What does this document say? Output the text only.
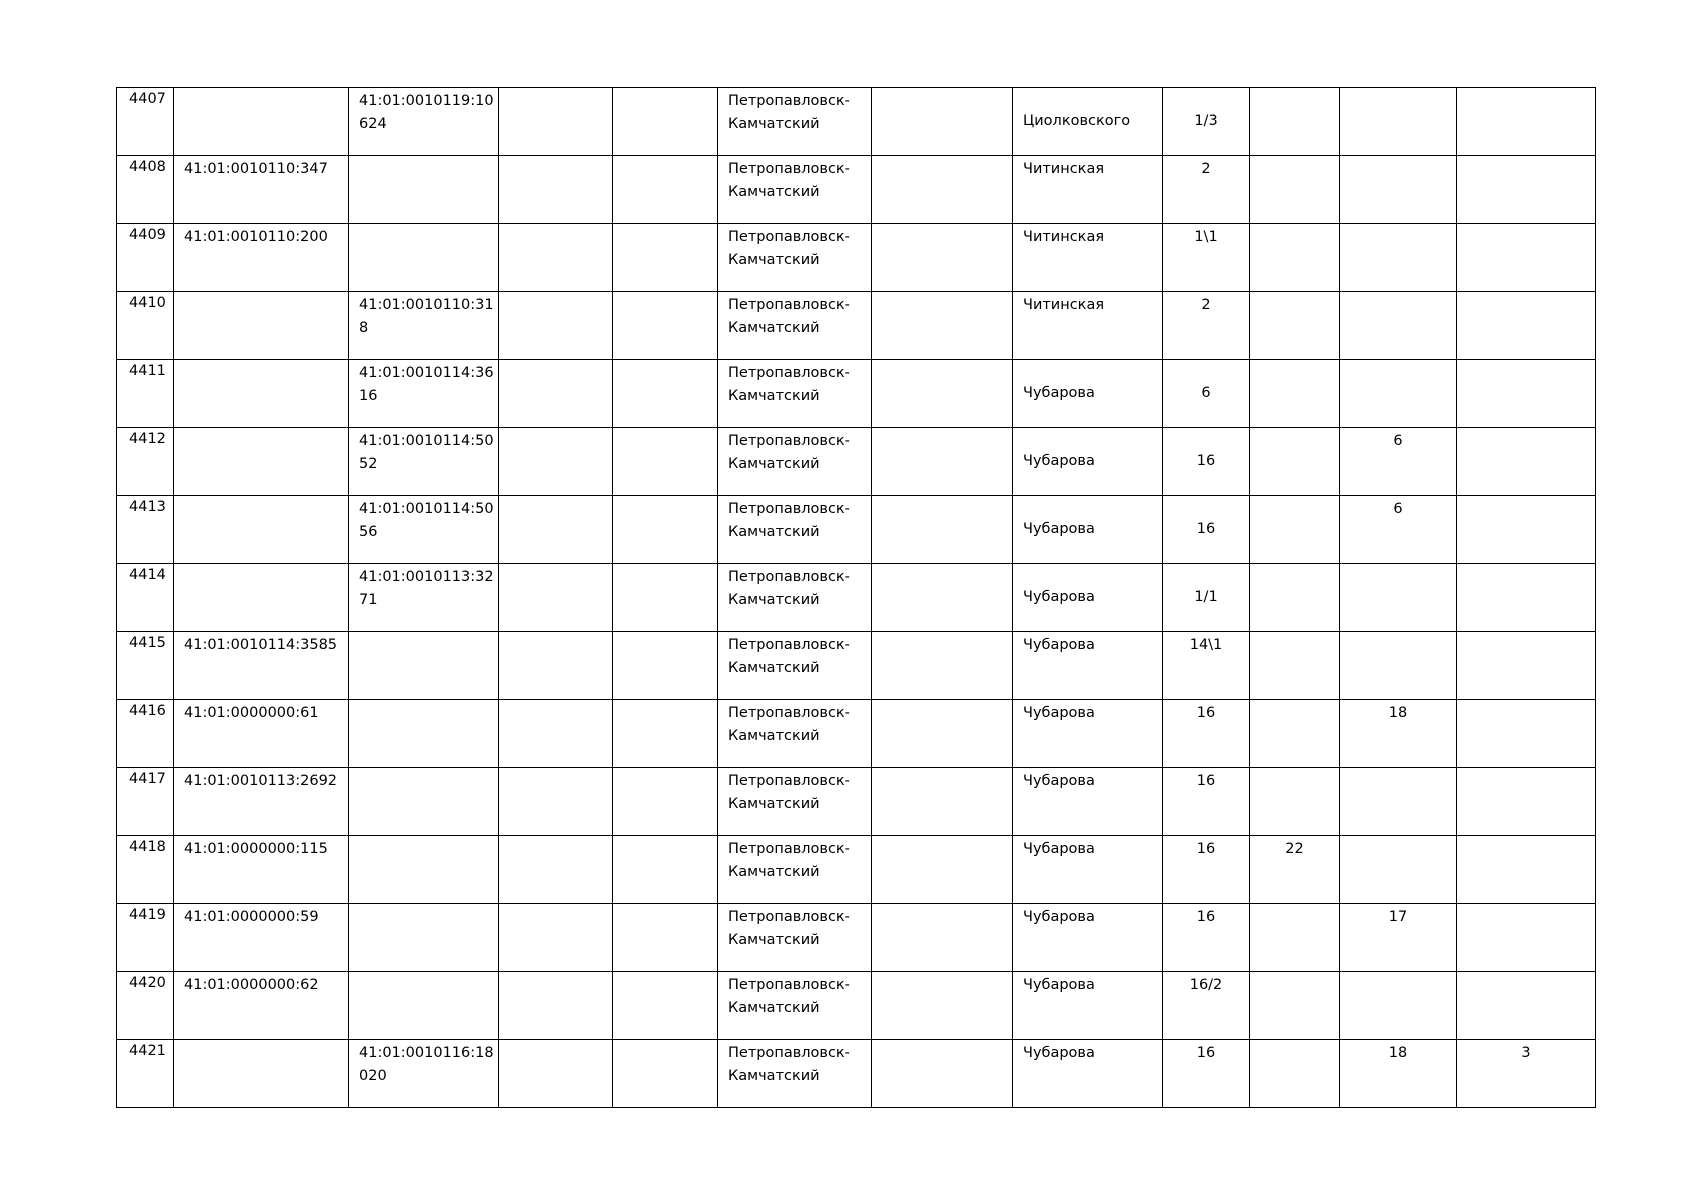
4407		41:01:0010119:10
624			Петропавловск-
Камчатский		Циолковского	1/3			

4408	41:01:0010110:347				Петропавловск-
Камчатский		Читинская	2			

4409	41:01:0010110:200				Петропавловск-
Камчатский		Читинская	1\1			

4410		41:01:0010110:31
8			Петропавловск-
Камчатский		Читинская	2			

4411		41:01:0010114:36
16			Петропавловск-
Камчатский		Чубарова	6			

4412		41:01:0010114:50
52			Петропавловск-
Камчатский		Чубарова	16		6	

4413		41:01:0010114:50
56			Петропавловск-
Камчатский		Чубарова	16		6	

4414		41:01:0010113:32
71			Петропавловск-
Камчатский		Чубарова	1/1			

4415	41:01:0010114:3585				Петропавловск-
Камчатский		Чубарова	14\1			

4416	41:01:0000000:61				Петропавловск-
Камчатский		Чубарова	16		18	

4417	41:01:0010113:2692				Петропавловск-
Камчатский		Чубарова	16			

4418	41:01:0000000:115				Петропавловск-
Камчатский		Чубарова	16	22		

4419	41:01:0000000:59				Петропавловск-
Камчатский		Чубарова	16		17	

4420	41:01:0000000:62				Петропавловск-
Камчатский		Чубарова	16/2			

4421		41:01:0010116:18
020			Петропавловск-
Камчатский		Чубарова	16		18	3
